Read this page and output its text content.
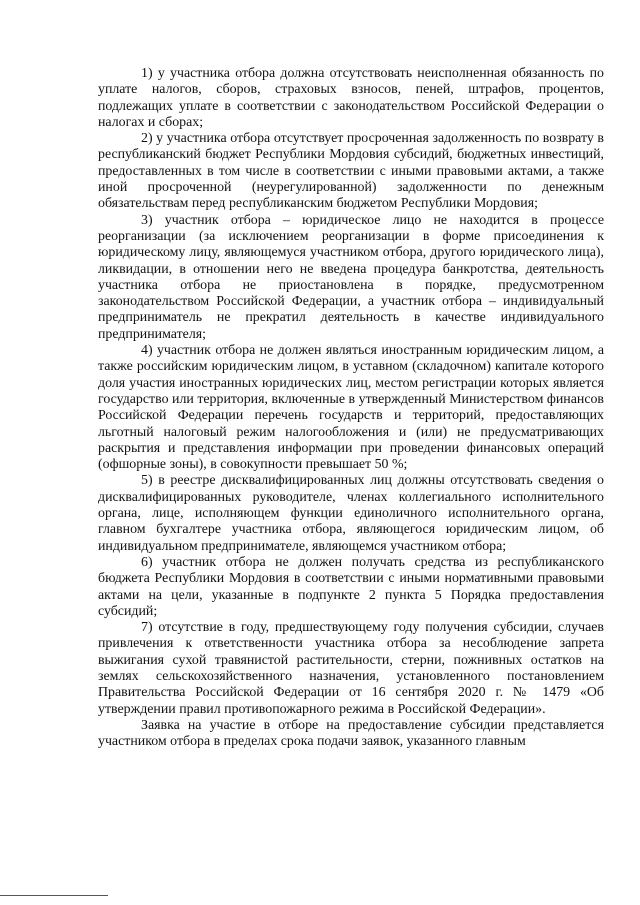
1) у участника отбора должна отсутствовать неисполненная обязанность по уплате налогов, сборов, страховых взносов, пеней, штрафов, процентов, подлежащих уплате в соответствии с законодательством Российской Федерации о налогах и сборах;

2) у участника отбора отсутствует просроченная задолженность по возврату в республиканский бюджет Республики Мордовия субсидий, бюджетных инвестиций, предоставленных в том числе в соответствии с иными правовыми актами, а также иной просроченной (неурегулированной) задолженности по денежным обязательствам перед республиканским бюджетом Республики Мордовия;

3) участник отбора – юридическое лицо не находится в процессе реорганизации (за исключением реорганизации в форме присоединения к юридическому лицу, являющемуся участником отбора, другого юридического лица), ликвидации, в отношении него не введена процедура банкротства, деятельность участника отбора не приостановлена в порядке, предусмотренном законодательством Российской Федерации, а участник отбора – индивидуальный предприниматель не прекратил деятельность в качестве индивидуального предпринимателя;

4) участник отбора не должен являться иностранным юридическим лицом, а также российским юридическим лицом, в уставном (складочном) капитале которого доля участия иностранных юридических лиц, местом регистрации которых является государство или территория, включенные в утвержденный Министерством финансов Российской Федерации перечень государств и территорий, предоставляющих льготный налоговый режим налогообложения и (или) не предусматривающих раскрытия и представления информации при проведении финансовых операций (офшорные зоны), в совокупности превышает 50 %;

5) в реестре дисквалифицированных лиц должны отсутствовать сведения о дисквалифицированных руководителе, членах коллегиального исполнительного органа, лице, исполняющем функции единоличного исполнительного органа, главном бухгалтере участника отбора, являющегося юридическим лицом, об индивидуальном предпринимателе, являющемся участником отбора;

6) участник отбора не должен получать средства из республиканского бюджета Республики Мордовия в соответствии с иными нормативными правовыми актами на цели, указанные в подпункте 2 пункта 5 Порядка предоставления субсидий;

7) отсутствие в году, предшествующему году получения субсидии, случаев привлечения к ответственности участника отбора за несоблюдение запрета выжигания сухой травянистой растительности, стерни, пожнивных остатков на землях сельскохозяйственного назначения, установленного постановлением Правительства Российской Федерации от 16 сентября 2020 г. № 1479 «Об утверждении правил противопожарного режима в Российской Федерации».

Заявка на участие в отборе на предоставление субсидии представляется участником отбора в пределах срока подачи заявок, указанного главным
